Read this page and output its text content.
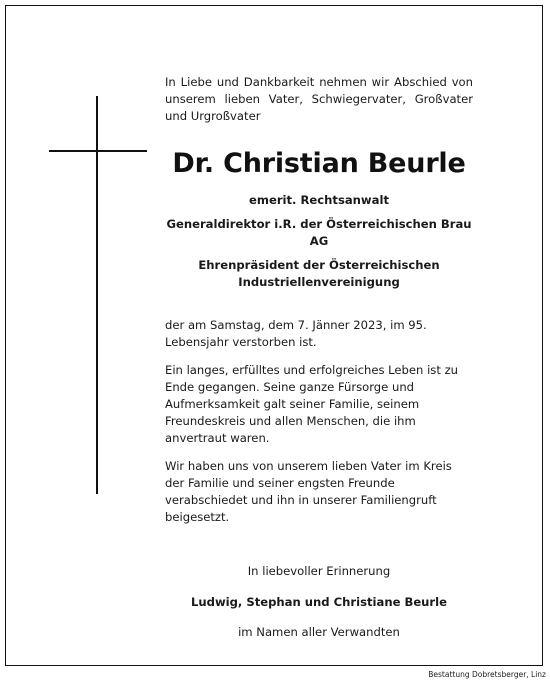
In Liebe und Dankbarkeit nehmen wir Abschied von unserem lieben Vater, Schwiegervater, Großvater und Urgroßvater

Dr. Christian Beurle

emerit. Rechtsanwalt

Generaldirektor i.R. der Österreichischen Brau AG

Ehrenpräsident der Österreichischen Industriellenvereinigung

der am Samstag, dem 7. Jänner 2023, im 95. Lebensjahr verstorben ist.

Ein langes, erfülltes und erfolgreiches Leben ist zu Ende gegangen. Seine ganze Fürsorge und Aufmerksamkeit galt seiner Familie, seinem Freundeskreis und allen Menschen, die ihm anvertraut waren.

Wir haben uns von unserem lieben Vater im Kreis der Familie und seiner engsten Freunde verabschiedet und ihn in unserer Familiengruft beigesetzt.

In liebevoller Erinnerung

Ludwig, Stephan und Christiane Beurle

im Namen aller Verwandten

Bestattung Dobretsberger, Linz
